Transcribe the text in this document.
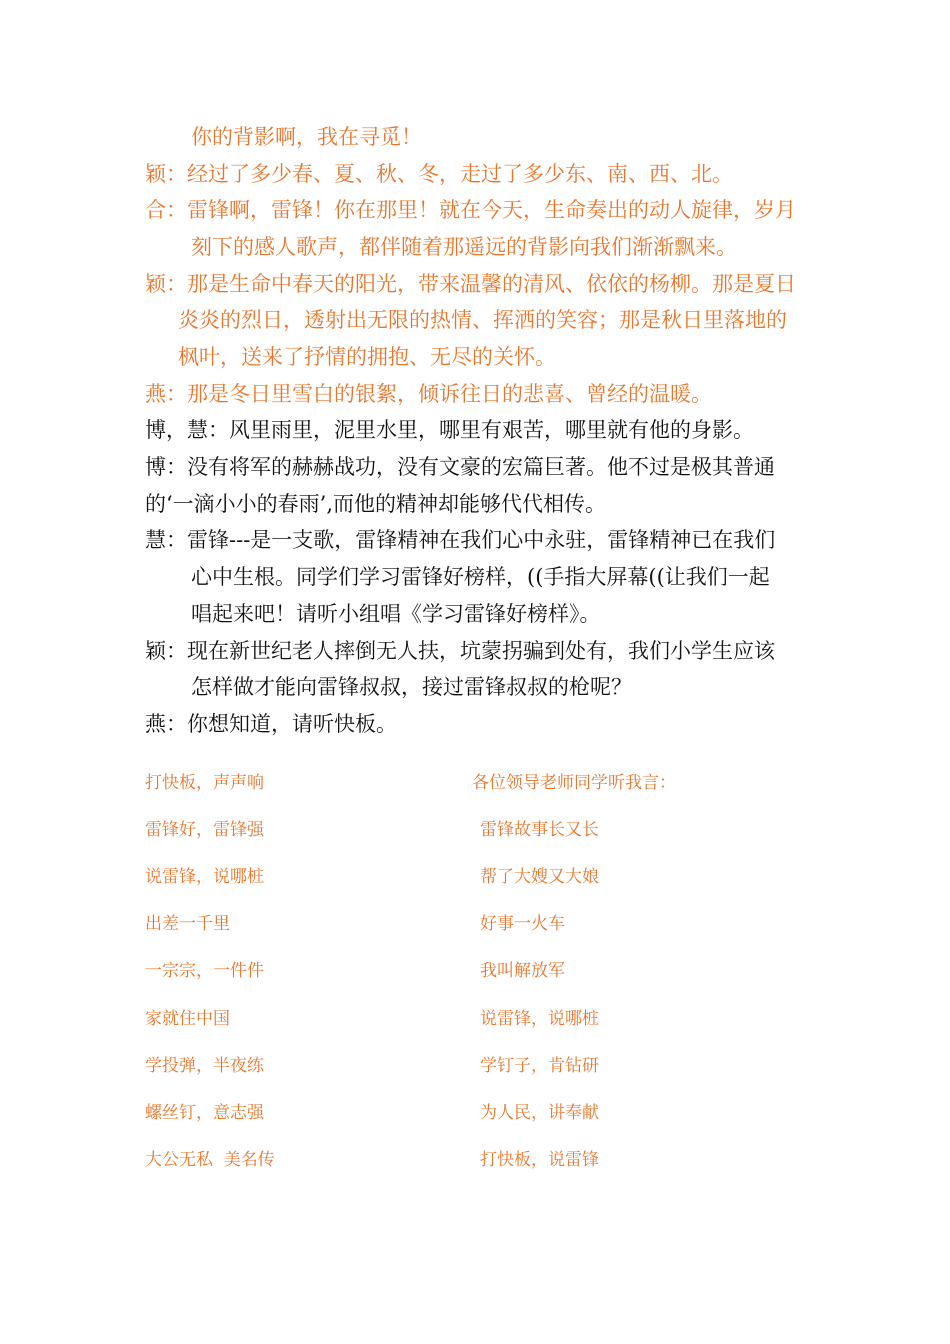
你的背影啊，我在寻觅！
颖：经过了多少春、夏、秋、冬，走过了多少东、南、西、北。
合：雷锋啊，雷锋！你在那里！就在今天，生命奏出的动人旋律，岁月
刻下的感人歌声，都伴随着那遥远的背影向我们渐渐飘来。
颖：那是生命中春天的阳光，带来温馨的清风、依依的杨柳。那是夏日
炎炎的烈日，透射出无限的热情、挥洒的笑容；那是秋日里落地的
枫叶，送来了抒情的拥抱、无尽的关怀。
燕：那是冬日里雪白的银絮，倾诉往日的悲喜、曾经的温暖。
博，慧：风里雨里，泥里水里，哪里有艰苦，哪里就有他的身影。
博：没有将军的赫赫战功，没有文豪的宏篇巨著。他不过是极其普通
的‘一滴小小的春雨’,而他的精神却能够代代相传。
慧：雷锋---是一支歌，雷锋精神在我们心中永驻，雷锋精神已在我们
心中生根。同学们学习雷锋好榜样，((手指大屏幕((让我们一起
唱起来吧！请听小组唱《学习雷锋好榜样》。
颖：现在新世纪老人摔倒无人扶，坑蒙拐骗到处有，我们小学生应该
怎样做才能向雷锋叔叔，接过雷锋叔叔的枪呢？
燕：你想知道，请听快板。
打快板，声声响	各位领导老师同学听我言：
雷锋好，雷锋强	雷锋故事长又长
说雷锋，说哪桩	帮了大嫂又大娘
出差一千里	好事一火车
一宗宗，一件件	我叫解放军
家就住中国	说雷锋，说哪桩
学投弹，半夜练	学钉子，肯钻研
螺丝钉，意志强	为人民，讲奉献
大公无私  美名传	打快板，说雷锋
